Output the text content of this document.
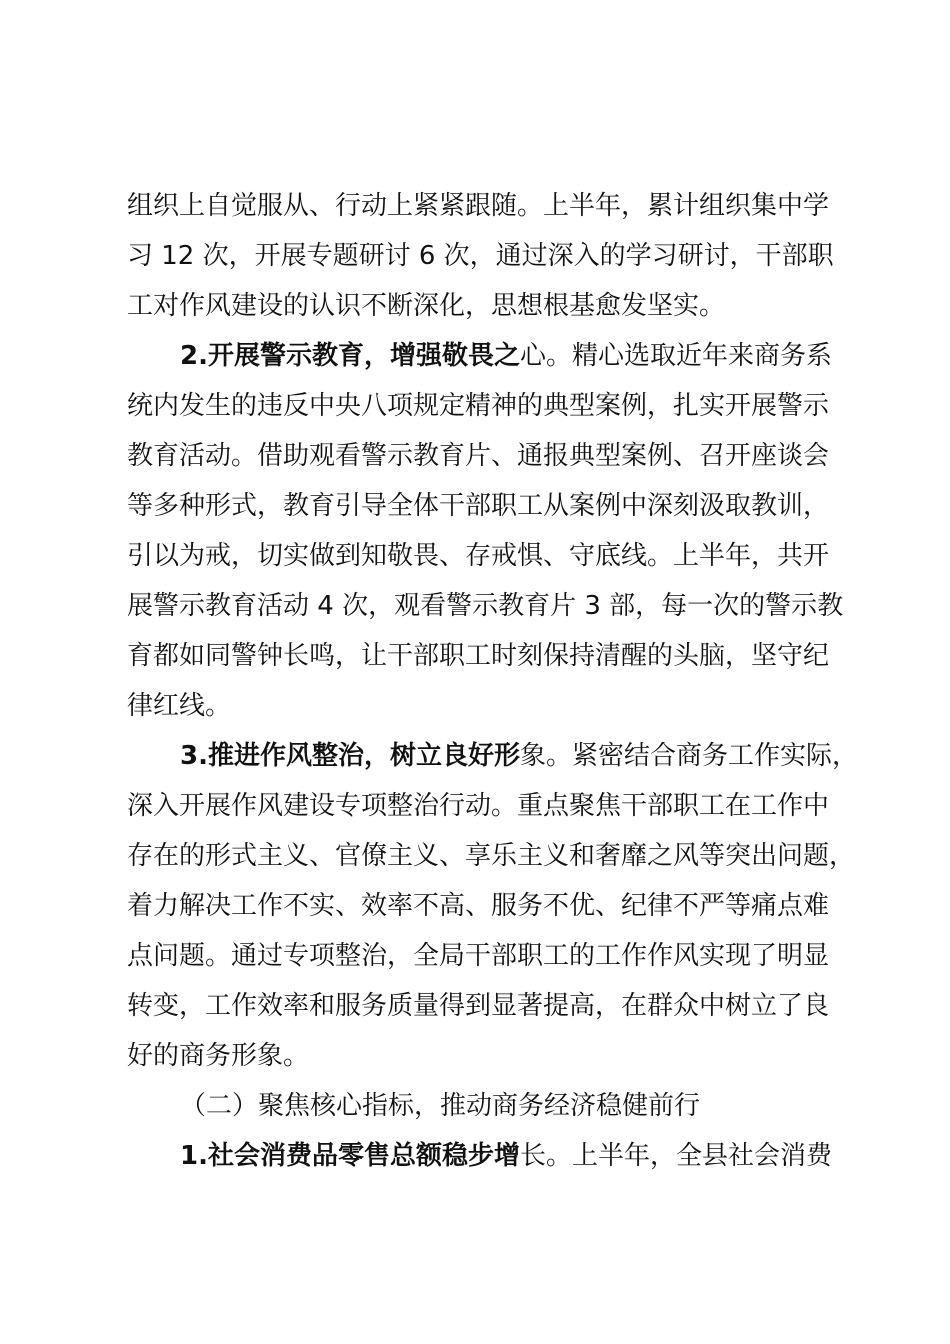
组织上自觉服从、行动上紧紧跟随。上半年，累计组织集中学
习 12 次，开展专题研讨 6 次，通过深入的学习研讨，干部职
工对作风建设的认识不断深化，思想根基愈发坚实。
2.开展警示教育，增强敬畏之心。精心选取近年来商务系
统内发生的违反中央八项规定精神的典型案例，扎实开展警示
教育活动。借助观看警示教育片、通报典型案例、召开座谈会
等多种形式，教育引导全体干部职工从案例中深刻汲取教训，
引以为戒，切实做到知敬畏、存戒惧、守底线。上半年，共开
展警示教育活动 4 次，观看警示教育片 3 部，每一次的警示教
育都如同警钟长鸣，让干部职工时刻保持清醒的头脑，坚守纪
律红线。
3.推进作风整治，树立良好形象。紧密结合商务工作实际，
深入开展作风建设专项整治行动。重点聚焦干部职工在工作中
存在的形式主义、官僚主义、享乐主义和奢靡之风等突出问题，
着力解决工作不实、效率不高、服务不优、纪律不严等痛点难
点问题。通过专项整治，全局干部职工的工作作风实现了明显
转变，工作效率和服务质量得到显著提高，在群众中树立了良
好的商务形象。
（二）聚焦核心指标，推动商务经济稳健前行
1.社会消费品零售总额稳步增长。上半年，全县社会消费
